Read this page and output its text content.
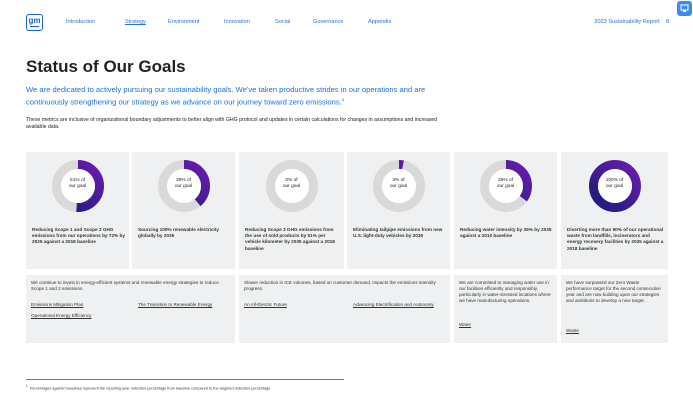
gm	Introduction	Strategy	Environment	Innovation	Social	Governance	Appendix	2023 Sustainability Report 8
Status of Our Goals
We are dedicated to actively pursuing our sustainability goals. We've taken productive strides in our operations and are continuously strengthening our strategy as we advance on our journey toward zero emissions.$^1$
These metrics are inclusive of organizational boundary adjustments to better align with GHG protocol and updates in certain calculations for changes in assumptions and increased available data.
51% of
our goal
Reducing Scope 1 and Scope 2 GHG emissions from our operations by 72% by 2025 against a 2018 baseline
39% of
our goal
Sourcing 100% renewable electricity globally by 2035
0% of
our goal
Reducing Scope 3 GHG emissions from the use of sold products by 51% per vehicle kilometer by 2035 against a 2018 baseline
3% of
our goal
Eliminating tailpipe emissions from new U.S. light-duty vehicles by 2035
35% of
our goal
Reducing water intensity by 35% by 2035 against a 2010 baseline
100% of
our goal
Diverting more than 90% of our operational waste from landfills, incinerators and energy recovery facilities by 2025 against a 2018 baseline
We continue to invest in energy-efficient systems and renewable energy strategies to reduce Scope 1 and 2 emissions.
Emissions Mitigation Plan
Operational Energy Efficiency
The Transition to Renewable Energy
Slower reduction in ICE volumes, based on customer demand, impacts the emissions intensity progress.
An All-Electric Future	Advancing Electrification and Autonomy
We are committed to managing water use in our facilities efficiently and responsibly, particularly in water-stressed locations where we have manufacturing operations.
Water
We have surpassed our Zero Waste performance target for the second consecutive year and are now building upon our strategies and ambitions to develop a new target.
Waste
$^1$  Percentages against baselines represent the reporting year reduction percentage from baseline compared to the targeted reduction percentage.
